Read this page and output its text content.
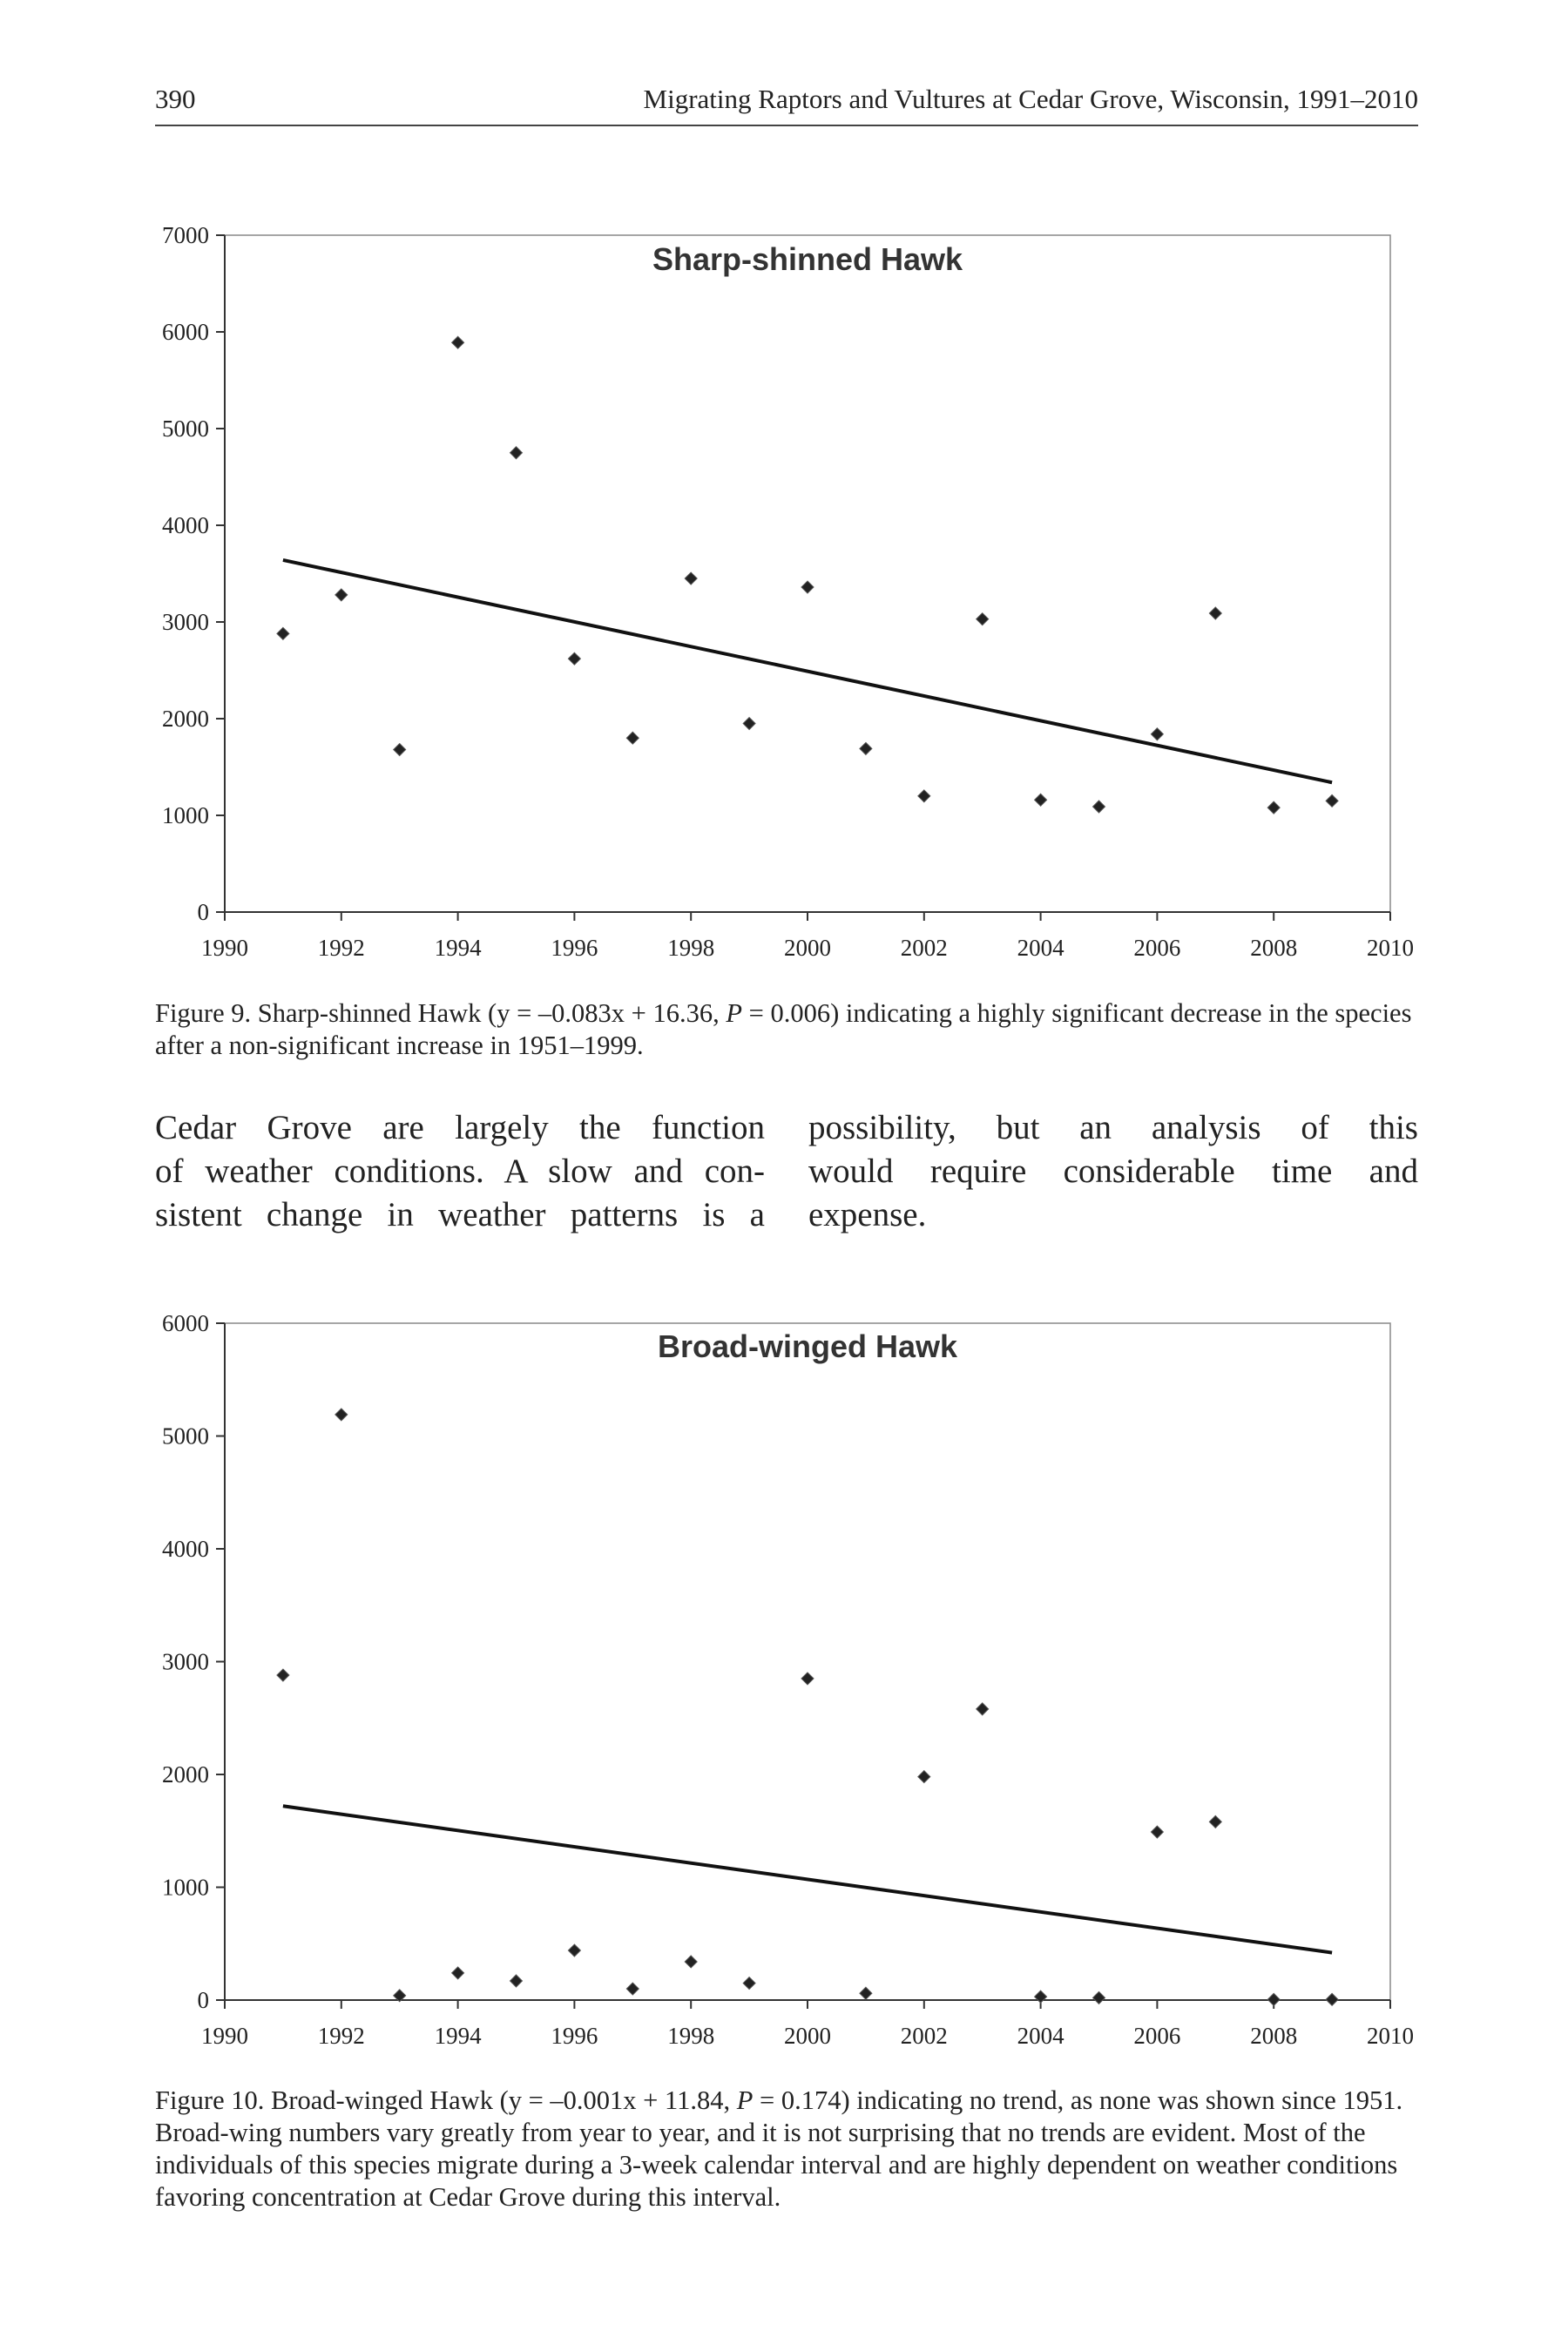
390	Migrating Raptors and Vultures at Cedar Grove, Wisconsin, 1991–2010
Sharp-shinned Hawk
0
1000
2000
3000
4000
5000
6000
7000
1990	1992	1994	1996	1998	2000	2002	2004	2006	2008	2010
Figure 9. Sharp-shinned Hawk (y = –0.083x + 16.36, P = 0.006) indicating a highly significant decrease in the species after a non-significant increase in 1951–1999.
Cedar Grove are largely the function
of weather conditions. A slow and con-
sistent change in weather patterns is a
possibility, but an analysis of this
would require considerable time and
expense.
Broad-winged Hawk
0
1000
2000
3000
4000
5000
6000
1990	1992	1994	1996	1998	2000	2002	2004	2006	2008	2010
Figure 10. Broad-winged Hawk (y = –0.001x + 11.84, P = 0.174) indicating no trend, as none was shown since 1951. Broad-wing numbers vary greatly from year to year, and it is not surprising that no trends are evident. Most of the individuals of this species migrate during a 3-week calendar interval and are highly dependent on weather conditions favoring concentration at Cedar Grove during this interval.
